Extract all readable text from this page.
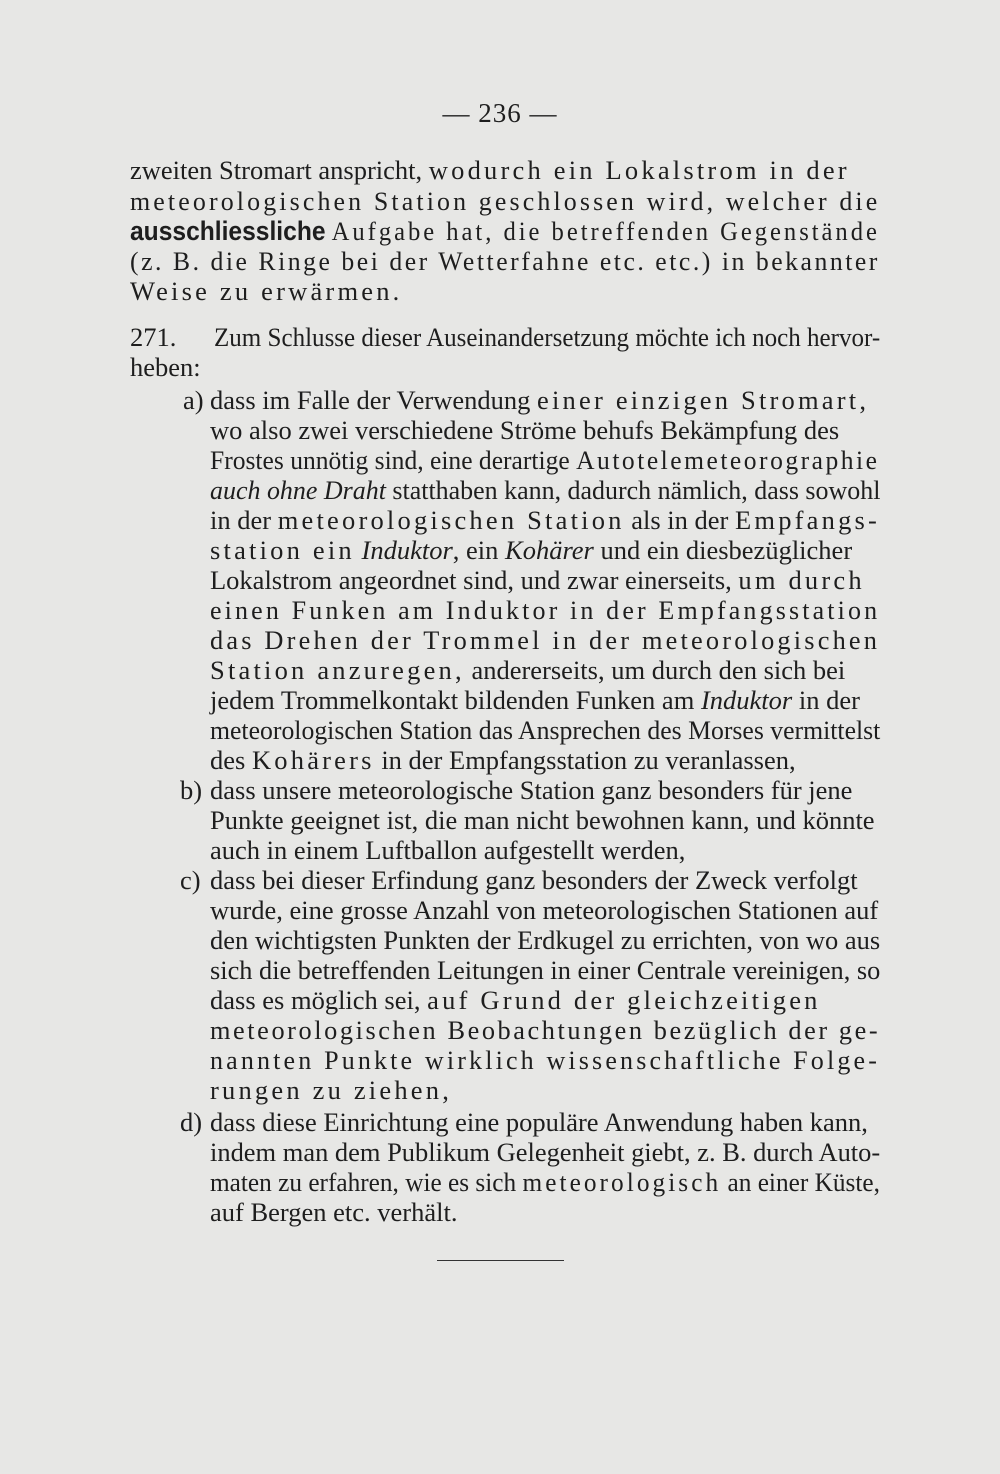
— 236 —
zweiten Stromart anspricht, wodurch ein Lokalstrom in der
meteorologischen Station geschlossen wird, welcher die
ausschliessliche Aufgabe hat, die betreffenden Gegenstände
(z. B. die Ringe bei der Wetterfahne etc. etc.) in bekannter
Weise zu erwärmen.
271. Zum Schlusse dieser Auseinandersetzung möchte ich noch hervor-
heben:
a) dass im Falle der Verwendung einer einzigen Stromart,
wo also zwei verschiedene Ströme behufs Bekämpfung des
Frostes unnötig sind, eine derartige Autotelemeteorographie
auch ohne Draht statthaben kann, dadurch nämlich, dass sowohl
in der meteorologischen Station als in der Empfangs-
station ein Induktor, ein Kohärer und ein diesbezüglicher
Lokalstrom angeordnet sind, und zwar einerseits, um durch
einen Funken am Induktor in der Empfangsstation
das Drehen der Trommel in der meteorologischen
Station anzuregen, andererseits, um durch den sich bei
jedem Trommelkontakt bildenden Funken am Induktor in der
meteorologischen Station das Ansprechen des Morses vermittelst
des Kohärers in der Empfangsstation zu veranlassen,
b) dass unsere meteorologische Station ganz besonders für jene
Punkte geeignet ist, die man nicht bewohnen kann, und könnte
auch in einem Luftballon aufgestellt werden,
c) dass bei dieser Erfindung ganz besonders der Zweck verfolgt
wurde, eine grosse Anzahl von meteorologischen Stationen auf
den wichtigsten Punkten der Erdkugel zu errichten, von wo aus
sich die betreffenden Leitungen in einer Centrale vereinigen, so
dass es möglich sei, auf Grund der gleichzeitigen
meteorologischen Beobachtungen bezüglich der ge-
nannten Punkte wirklich wissenschaftliche Folge-
rungen zu ziehen,
d) dass diese Einrichtung eine populäre Anwendung haben kann,
indem man dem Publikum Gelegenheit giebt, z. B. durch Auto-
maten zu erfahren, wie es sich meteorologisch an einer Küste,
auf Bergen etc. verhält.
